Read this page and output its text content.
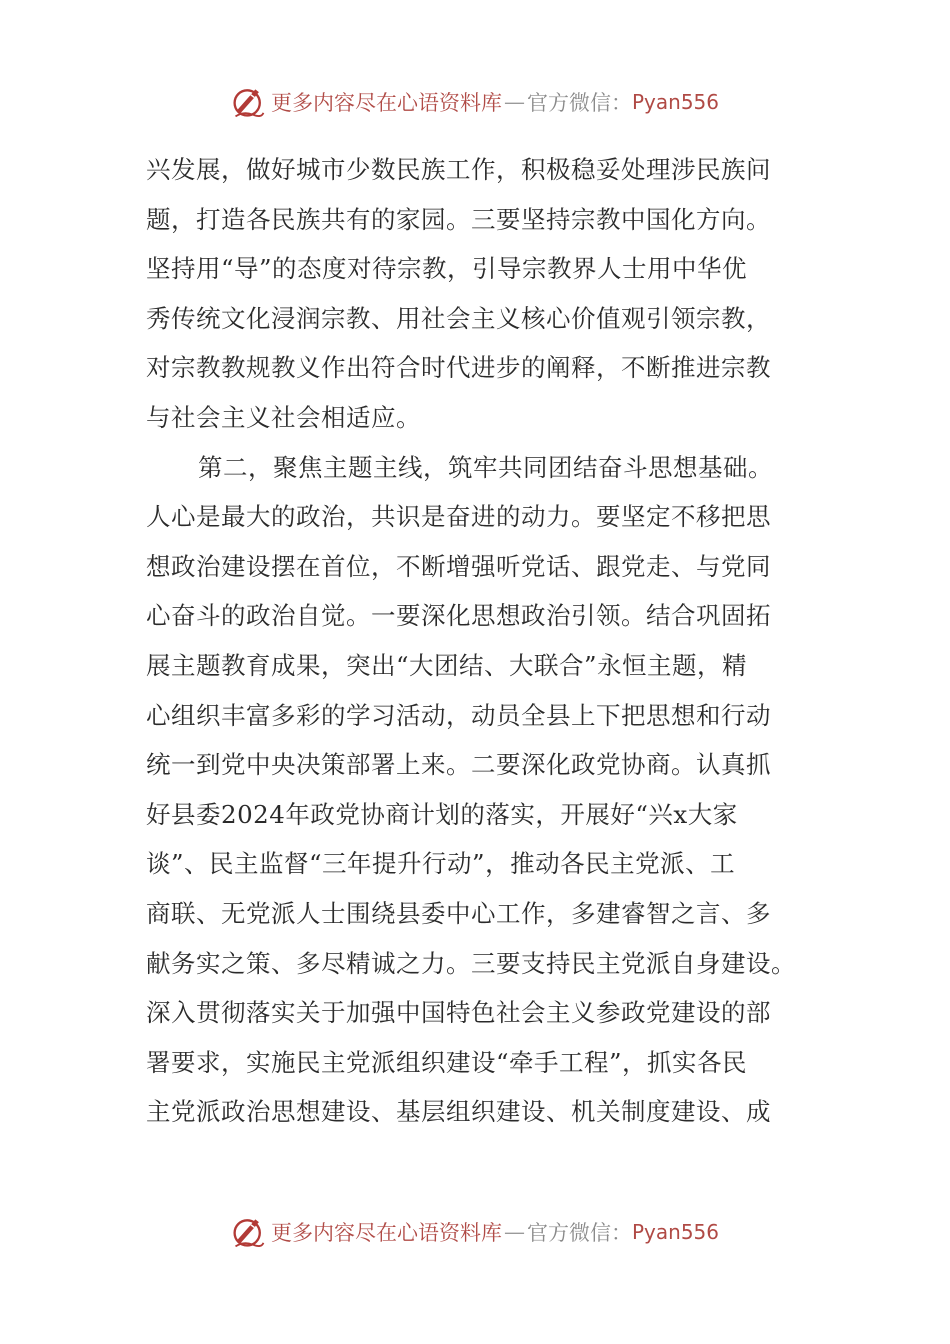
更多内容尽在心语资料库 — 官方微信： Pyan556
兴发展，做好城市少数民族工作，积极稳妥处理涉民族问
题，打造各民族共有的家园。三要坚持宗教中国化方向。
坚持用“导”的态度对待宗教，引导宗教界人士用中华优
秀传统文化浸润宗教、用社会主义核心价值观引领宗教，
对宗教教规教义作出符合时代进步的阐释，不断推进宗教
与社会主义社会相适应。
第二，聚焦主题主线，筑牢共同团结奋斗思想基础。
人心是最大的政治，共识是奋进的动力。要坚定不移把思
想政治建设摆在首位，不断增强听党话、跟党走、与党同
心奋斗的政治自觉。一要深化思想政治引领。结合巩固拓
展主题教育成果，突出“大团结、大联合”永恒主题，精
心组织丰富多彩的学习活动，动员全县上下把思想和行动
统一到党中央决策部署上来。二要深化政党协商。认真抓
好县委2024年政党协商计划的落实，开展好“兴x大家
谈”、民主监督“三年提升行动”，推动各民主党派、工
商联、无党派人士围绕县委中心工作，多建睿智之言、多
献务实之策、多尽精诚之力。三要支持民主党派自身建设。
深入贯彻落实关于加强中国特色社会主义参政党建设的部
署要求，实施民主党派组织建设“牵手工程”，抓实各民
主党派政治思想建设、基层组织建设、机关制度建设、成
更多内容尽在心语资料库 — 官方微信： Pyan556
